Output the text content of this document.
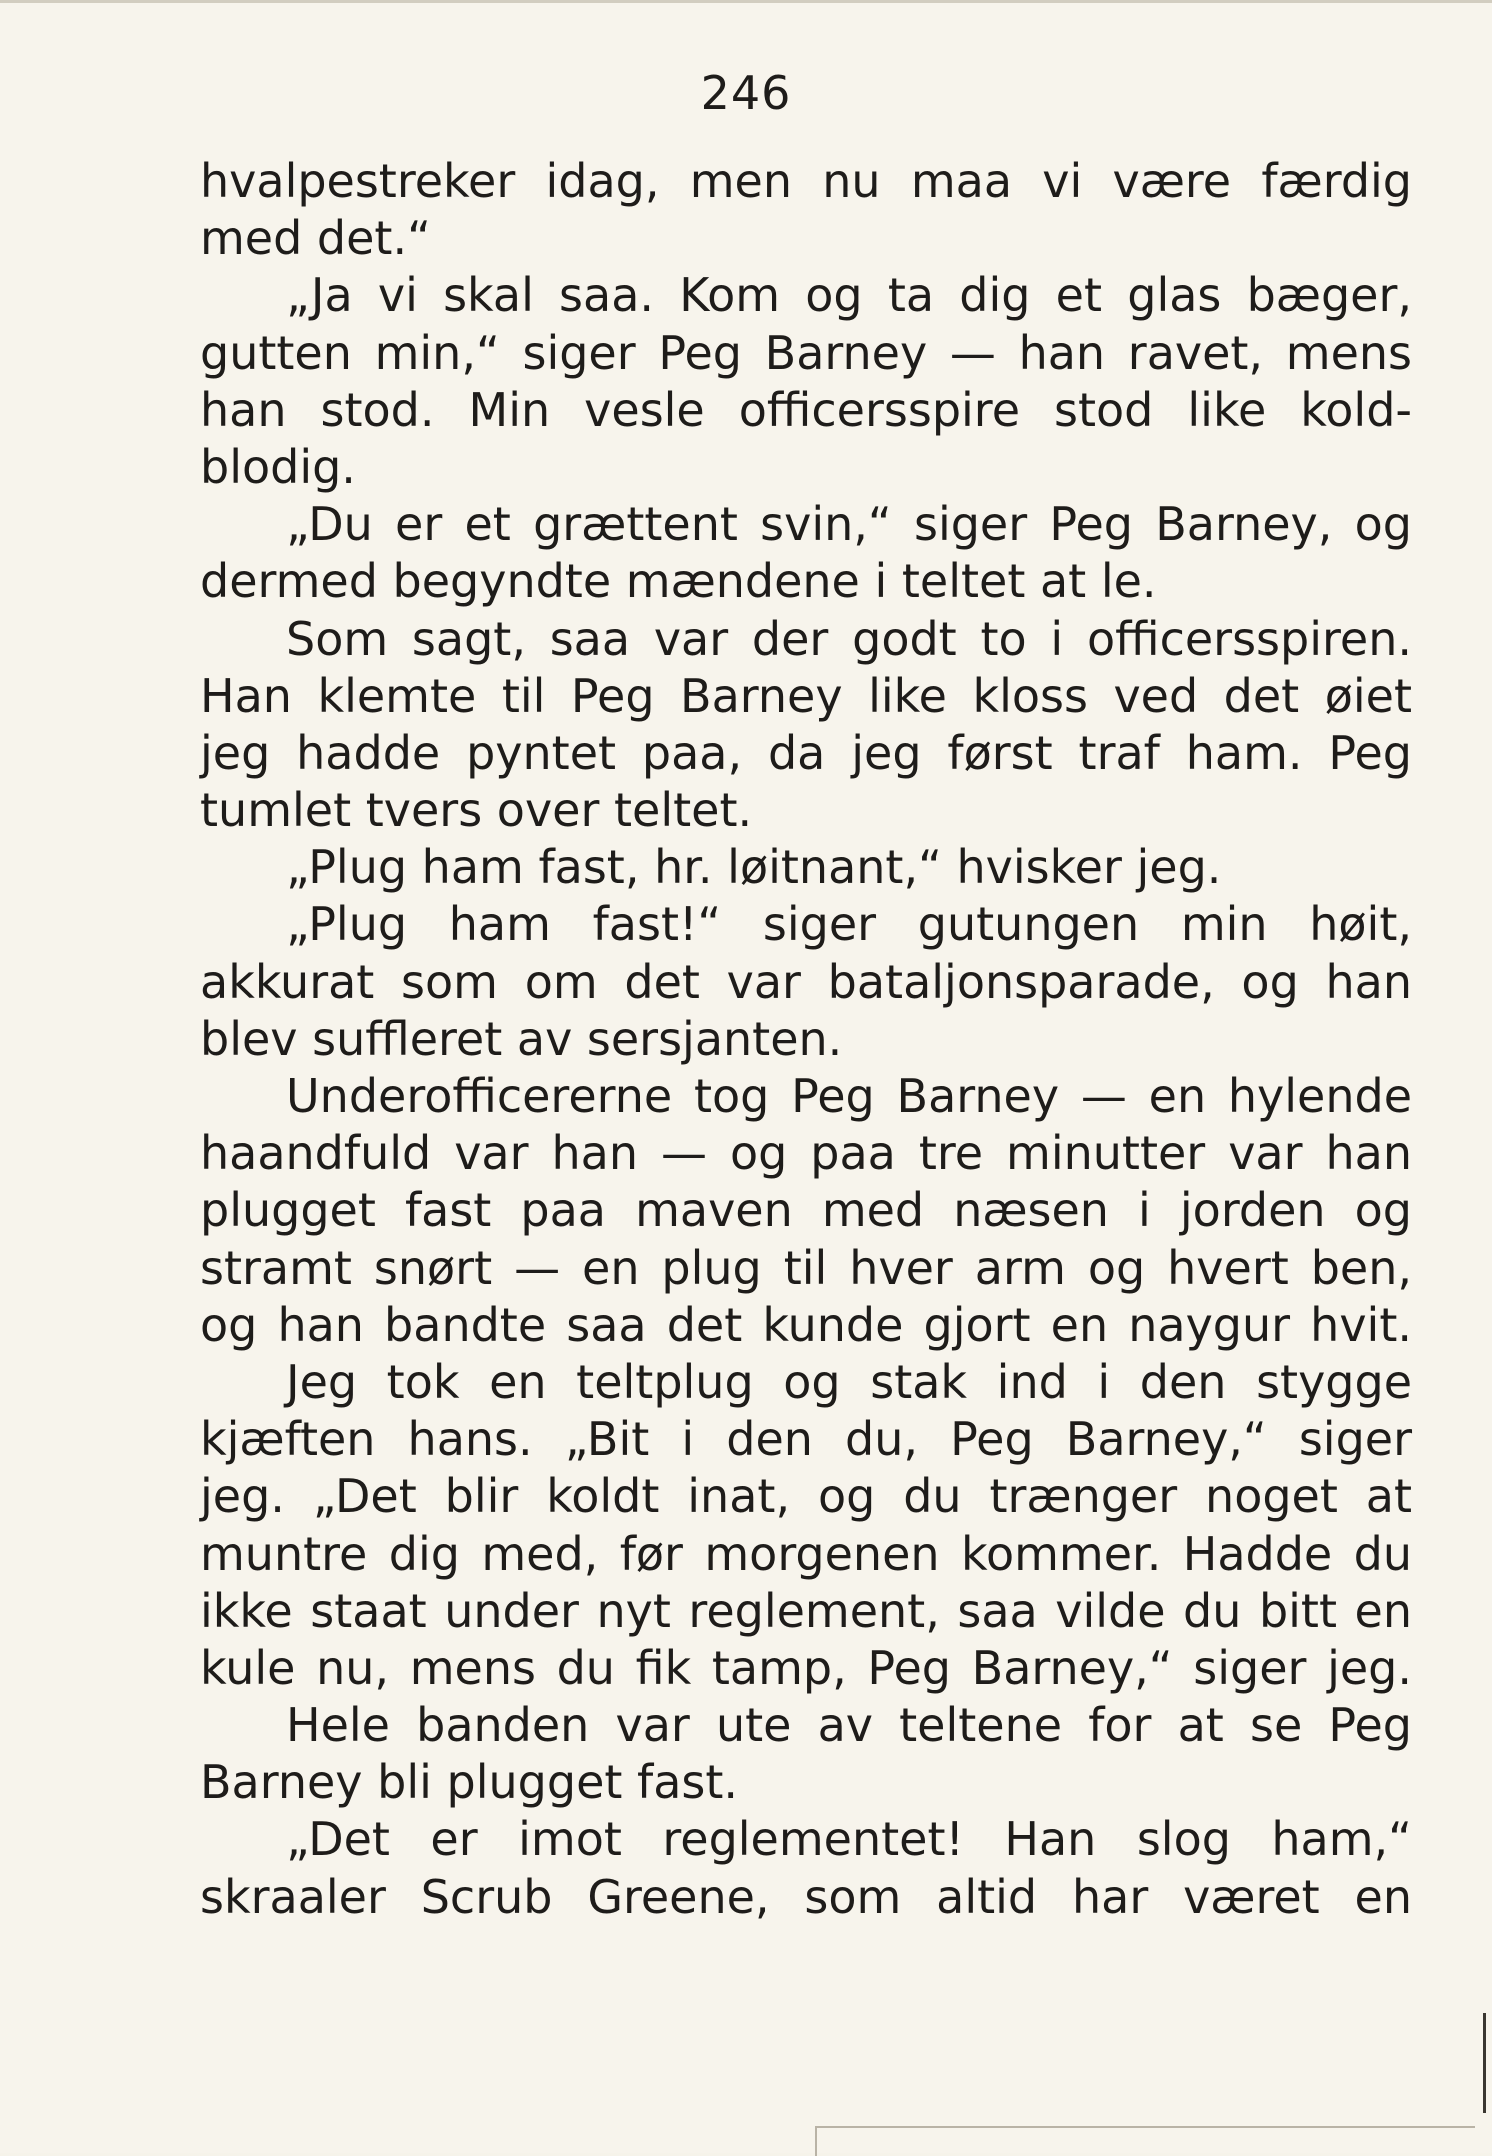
246
hvalpestreker idag, men nu maa vi være færdig
med det.“
„Ja vi skal saa. Kom og ta dig et glas bæger,
gutten min,“ siger Peg Barney — han ravet, mens
han stod. Min vesle officersspire stod like kold-
blodig.
„Du er et grættent svin,“ siger Peg Barney, og
dermed begyndte mændene i teltet at le.
Som sagt, saa var der godt to i officersspiren.
Han klemte til Peg Barney like kloss ved det øiet
jeg hadde pyntet paa, da jeg først traf ham. Peg
tumlet tvers over teltet.
„Plug ham fast, hr. løitnant,“ hvisker jeg.
„Plug ham fast!“ siger gutungen min høit,
akkurat som om det var bataljonsparade, og han
blev suffleret av sersjanten.
Underofficererne tog Peg Barney — en hylende
haandfuld var han — og paa tre minutter var han
plugget fast paa maven med næsen i jorden og
stramt snørt — en plug til hver arm og hvert ben,
og han bandte saa det kunde gjort en naygur hvit.
Jeg tok en teltplug og stak ind i den stygge
kjæften hans. „Bit i den du, Peg Barney,“ siger
jeg. „Det blir koldt inat, og du trænger noget at
muntre dig med, før morgenen kommer. Hadde du
ikke staat under nyt reglement, saa vilde du bitt en
kule nu, mens du fik tamp, Peg Barney,“ siger jeg.
Hele banden var ute av teltene for at se Peg
Barney bli plugget fast.
„Det er imot reglementet! Han slog ham,“
skraaler Scrub Greene, som altid har været en
